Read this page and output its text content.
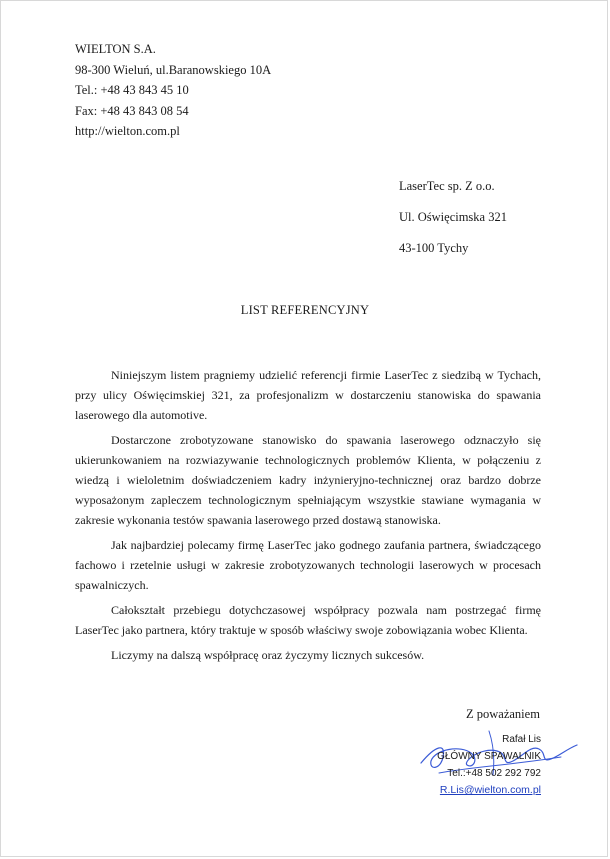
WIELTON S.A.
98-300 Wieluń, ul.Baranowskiego 10A
Tel.: +48 43 843 45 10
Fax: +48 43 843 08 54
http://wielton.com.pl
LaserTec sp. Z o.o.
Ul. Oświęcimska 321
43-100 Tychy
LIST REFERENCYJNY

Niniejszym listem pragniemy udzielić referencji firmie LaserTec z siedzibą w Tychach, przy ulicy Oświęcimskiej 321, za profesjonalizm w dostarczeniu stanowiska do spawania laserowego dla automotive.

Dostarczone zrobotyzowane stanowisko do spawania laserowego odznaczyło się ukierunkowaniem na rozwiazywanie technologicznych problemów Klienta, w połączeniu z wiedzą i wieloletnim doświadczeniem kadry inżynieryjno-technicznej oraz bardzo dobrze wyposażonym zapleczem technologicznym spełniającym wszystkie stawiane wymagania w zakresie wykonania testów spawania laserowego przed dostawą stanowiska.

Jak najbardziej polecamy firmę LaserTec jako godnego zaufania partnera, świadczącego fachowo i rzetelnie usługi w zakresie zrobotyzowanych technologii laserowych w procesach spawalniczych.

Całokształt przebiegu dotychczasowej współpracy pozwala nam postrzegać firmę LaserTec jako partnera, który traktuje w sposób właściwy swoje zobowiązania wobec Klienta.

Liczymy na dalszą współpracę oraz życzymy licznych sukcesów.

Z poważaniem
Rafał Lis
GŁÓWNY SPAWALNIK
Tel.:+48 502 292 792
R.Lis@wielton.com.pl
